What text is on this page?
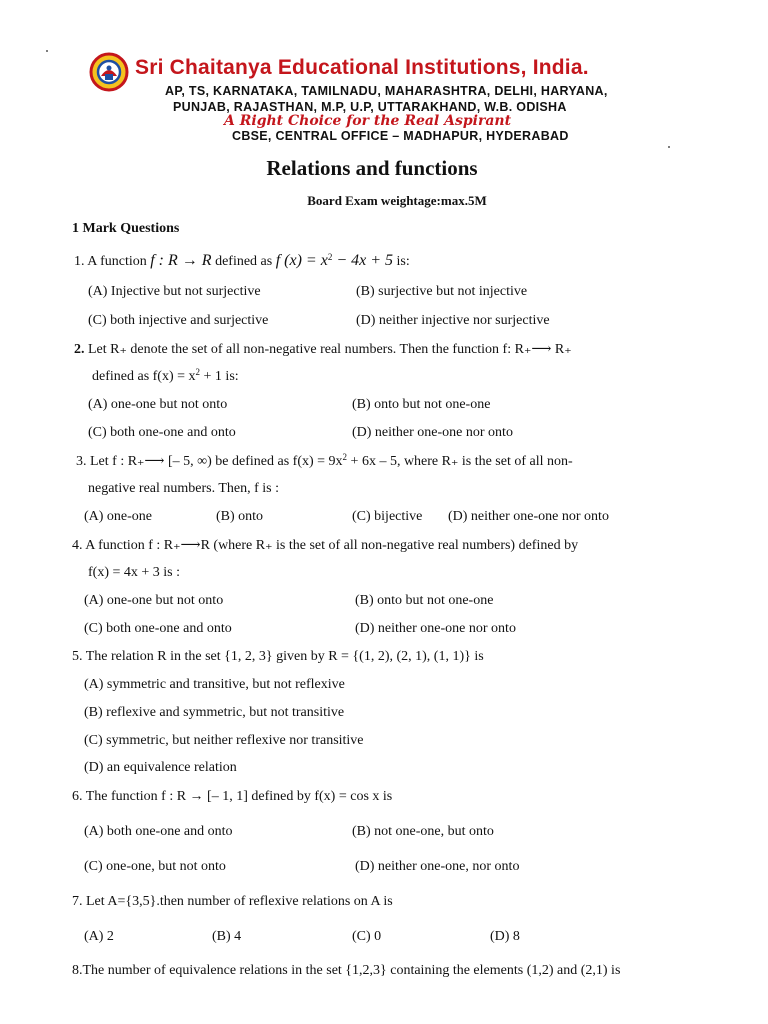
Sri Chaitanya Educational Institutions, India.
AP, TS, KARNATAKA, TAMILNADU, MAHARASHTRA, DELHI, HARYANA,
PUNJAB, RAJASTHAN, M.P, U.P, UTTARAKHAND, W.B. ODISHA
A Right Choice for the Real Aspirant
CBSE, CENTRAL OFFICE – MADHAPUR, HYDERABAD
Relations and functions
Board Exam weightage:max.5M
1 Mark Questions
1. A function f : R → R defined as f $(x) = x^2 - 4x + 5$ is:
(A) Injective but not surjective	(B) surjective but not injective
(C) both injective and surjective	(D) neither injective nor surjective
2. Let R₊ denote the set of all non-negative real numbers. Then the function f: R₊⟶ R₊
defined as $f(x) = x^2 + 1$ is:
(A) one-one but not onto	(B) onto but not one-one
(C) both one-one and onto	(D) neither one-one nor onto
3. Let f : R₊⟶ [– 5, ∞) be defined as $f(x) = 9x^2 + 6x - 5$, where R₊ is the set of all non-
negative real numbers. Then, f is :
(A) one-one	(B) onto	(C) bijective (D) neither one-one nor onto
4. A function f : R₊⟶R (where R₊ is the set of all non-negative real numbers) defined by
f(x) = 4x + 3 is :
(A) one-one but not onto	(B) onto but not one-one
(C) both one-one and onto	(D) neither one-one nor onto
5. The relation R in the set {1, 2, 3} given by R = {(1, 2), (2, 1), (1, 1)} is
(A) symmetric and transitive, but not reflexive
(B) reflexive and symmetric, but not transitive
(C) symmetric, but neither reflexive nor transitive
(D) an equivalence relation
6. The function f : R → [– 1, 1] defined by f(x) = cos x is
(A) both one-one and onto	(B) not one-one, but onto
(C) one-one, but not onto	(D) neither one-one, nor onto
7. Let A={3,5}.then number of reflexive relations on A is
(A) 2	(B) 4	(C) 0	(D) 8
8.The number of equivalence relations in the set {1,2,3} containing the elements (1,2) and (2,1) is
